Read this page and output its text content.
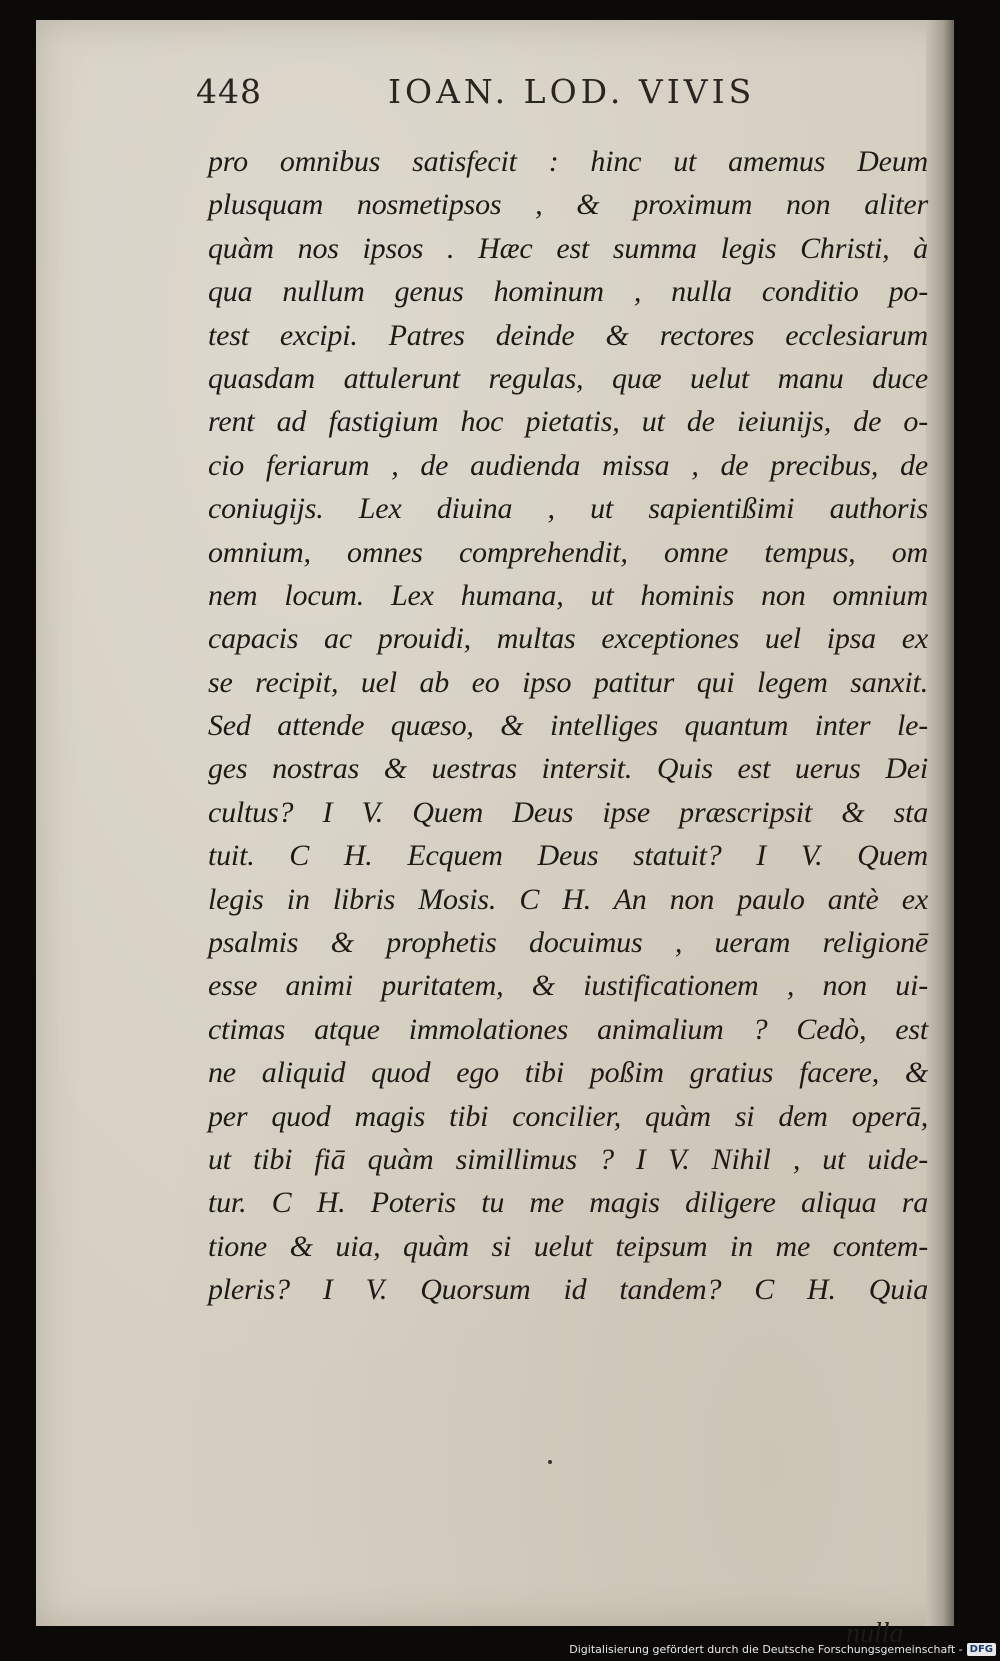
448	IOAN. LOD. VIVIS
pro omnibus satisfecit : hinc ut amemus Deum
plusquam nosmetipsos , & proximum non aliter
quàm nos ipsos . Hæc est summa legis Christi, à
qua nullum genus hominum , nulla conditio po-
test excipi. Patres deinde & rectores ecclesiarum
quasdam attulerunt regulas, quæ uelut manu duce
rent ad fastigium hoc pietatis, ut de ieiunijs, de o-
cio feriarum , de audienda missa , de precibus, de
coniugijs. Lex diuina , ut sapientißimi authoris
omnium, omnes comprehendit, omne tempus, om
nem locum. Lex humana, ut hominis non omnium
capacis ac prouidi, multas exceptiones uel ipsa ex
se recipit, uel ab eo ipso patitur qui legem sanxit.
Sed attende quæso, & intelliges quantum inter le-
ges nostras & uestras intersit. Quis est uerus Dei
cultus? I V. Quem Deus ipse præscripsit & sta
tuit. C H. Ecquem Deus statuit? I V. Quem
legis in libris Mosis. C H. An non paulo antè ex
psalmis & prophetis docuimus , ueram religionē
esse animi puritatem, & iustificationem , non ui-
ctimas atque immolationes animalium ? Cedò, est
ne aliquid quod ego tibi poßim gratius facere, &
per quod magis tibi concilier, quàm si dem operā,
ut tibi fiā quàm simillimus ? I V. Nihil , ut uide-
tur. C H. Poteris tu me magis diligere aliqua ra
tione & uia, quàm si uelut teipsum in me contem-
pleris? I V. Quorsum id tandem? C H. Quia
nulla
Digitalisierung gefördert durch die Deutsche Forschungsgemeinschaft - DFG
